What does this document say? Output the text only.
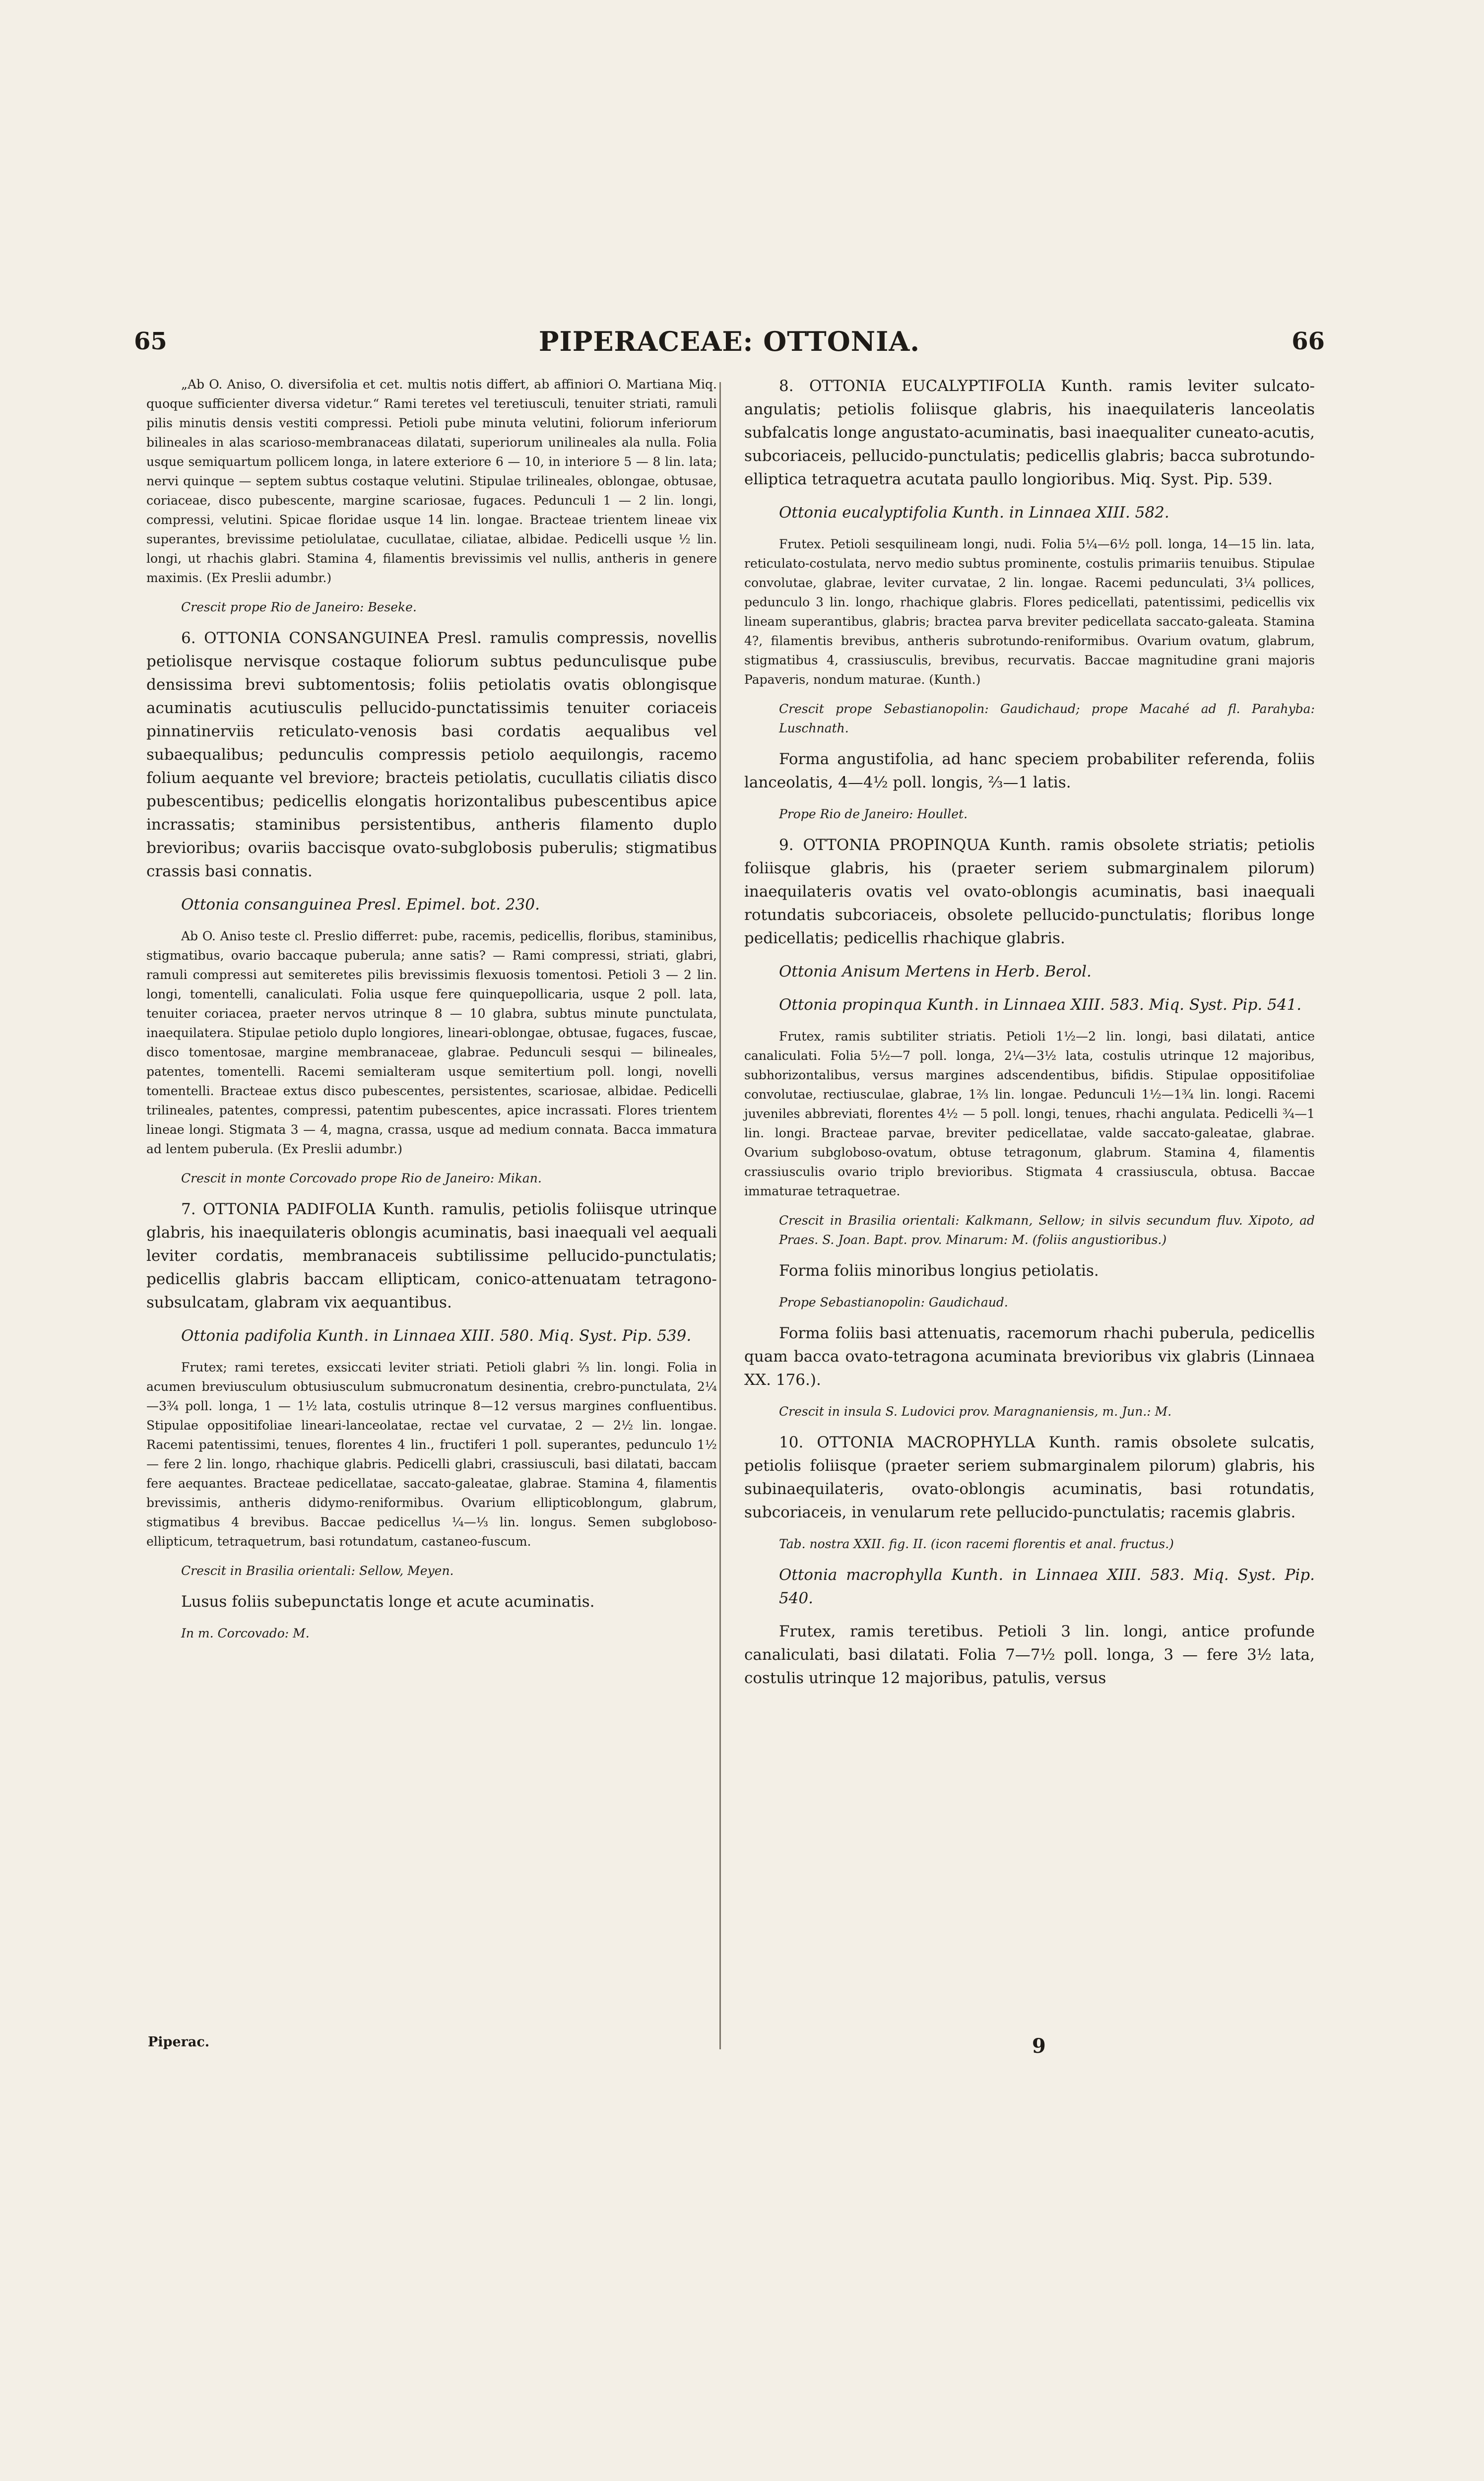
65	PIPERACEAE: OTTONIA.	66

„Ab O. Aniso, O. diversifolia et cet. multis notis differt, ab affiniori O. Martiana Miq. quoque sufficienter diversa videtur.“ Rami teretes vel teretiusculi, tenuiter striati, ramuli pilis minutis densis vestiti compressi. Petioli pube minuta velutini, foliorum inferiorum bilineales in alas scarioso-membranaceas dilatati, superiorum unilineales ala nulla. Folia usque semiquartum pollicem longa, in latere exteriore 6 — 10, in interiore 5 — 8 lin. lata; nervi quinque — septem subtus costaque velutini. Stipulae trilineales, oblongae, obtusae, coriaceae, disco pubescente, margine scariosae, fugaces. Pedunculi 1 — 2 lin. longi, compressi, velutini. Spicae floridae usque 14 lin. longae. Bracteae trientem lineae vix superantes, brevissime petiolulatae, cucullatae, ciliatae, albidae. Pedicelli usque ½ lin. longi, ut rhachis glabri. Stamina 4, filamentis brevissimis vel nullis, antheris in genere maximis. (Ex Preslii adumbr.)

Crescit prope Rio de Janeiro: Beseke.

6. OTTONIA CONSANGUINEA Presl. ramulis compressis, novellis petiolisque nervisque costaque foliorum subtus pedunculisque pube densissima brevi subtomentosis; foliis petiolatis ovatis oblongisque acuminatis acutiusculis pellucido-punctatissimis tenuiter coriaceis pinnatinerviis reticulato-venosis basi cordatis aequalibus vel subaequalibus; pedunculis compressis petiolo aequilongis, racemo folium aequante vel breviore; bracteis petiolatis, cucullatis ciliatis disco pubescentibus; pedicellis elongatis horizontalibus pubescentibus apice incrassatis; staminibus persistentibus, antheris filamento duplo brevioribus; ovariis baccisque ovato-subglobosis puberulis; stigmatibus crassis basi connatis.

Ottonia consanguinea Presl. Epimel. bot. 230.

Ab O. Aniso teste cl. Preslio differret: pube, racemis, pedicellis, floribus, staminibus, stigmatibus, ovario baccaque puberula; anne satis? — Rami compressi, striati, glabri, ramuli compressi aut semiteretes pilis brevissimis flexuosis tomentosi. Petioli 3 — 2 lin. longi, tomentelli, canaliculati. Folia usque fere quinquepollicaria, usque 2 poll. lata, tenuiter coriacea, praeter nervos utrinque 8 — 10 glabra, subtus minute punctulata, inaequilatera. Stipulae petiolo duplo longiores, lineari-oblongae, obtusae, fugaces, fuscae, disco tomentosae, margine membranaceae, glabrae. Pedunculi sesqui — bilineales, patentes, tomentelli. Racemi semialteram usque semitertium poll. longi, novelli tomentelli. Bracteae extus disco pubescentes, persistentes, scariosae, albidae. Pedicelli trilineales, patentes, compressi, patentim pubescentes, apice incrassati. Flores trientem lineae longi. Stigmata 3 — 4, magna, crassa, usque ad medium connata. Bacca immatura ad lentem puberula. (Ex Preslii adumbr.)

Crescit in monte Corcovado prope Rio de Janeiro: Mikan.

7. OTTONIA PADIFOLIA Kunth. ramulis, petiolis foliisque utrinque glabris, his inaequilateris oblongis acuminatis, basi inaequali vel aequali leviter cordatis, membranaceis subtilissime pellucido-punctulatis; pedicellis glabris baccam ellipticam, conico-attenuatam tetragono-subsulcatam, glabram vix aequantibus.

Ottonia padifolia Kunth. in Linnaea XIII. 580. Miq. Syst. Pip. 539.

Frutex; rami teretes, exsiccati leviter striati. Petioli glabri ⅔ lin. longi. Folia in acumen breviusculum obtusiusculum submucronatum desinentia, crebro-punctulata, 2¼—3¾ poll. longa, 1 — 1½ lata, costulis utrinque 8—12 versus margines confluentibus. Stipulae oppositifoliae lineari-lanceolatae, rectae vel curvatae, 2 — 2½ lin. longae. Racemi patentissimi, tenues, florentes 4 lin., fructiferi 1 poll. superantes, pedunculo 1½ — fere 2 lin. longo, rhachique glabris. Pedicelli glabri, crassiusculi, basi dilatati, baccam fere aequantes. Bracteae pedicellatae, saccato-galeatae, glabrae. Stamina 4, filamentis brevissimis, antheris didymo-reniformibus. Ovarium ellipticoblongum, glabrum, stigmatibus 4 brevibus. Baccae pedicellus ¼—⅓ lin. longus. Semen subgloboso-ellipticum, tetraquetrum, basi rotundatum, castaneo-fuscum.

Crescit in Brasilia orientali: Sellow, Meyen.

Lusus foliis subepunctatis longe et acute acuminatis.

In m. Corcovado: M.

8. OTTONIA EUCALYPTIFOLIA Kunth. ramis leviter sulcato-angulatis; petiolis foliisque glabris, his inaequilateris lanceolatis subfalcatis longe angustato-acuminatis, basi inaequaliter cuneato-acutis, subcoriaceis, pellucido-punctulatis; pedicellis glabris; bacca subrotundo-elliptica tetraquetra acutata paullo longioribus. Miq. Syst. Pip. 539.

Ottonia eucalyptifolia Kunth. in Linnaea XIII. 582.

Frutex. Petioli sesquilineam longi, nudi. Folia 5¼—6½ poll. longa, 14—15 lin. lata, reticulato-costulata, nervo medio subtus prominente, costulis primariis tenuibus. Stipulae convolutae, glabrae, leviter curvatae, 2 lin. longae. Racemi pedunculati, 3¼ pollices, pedunculo 3 lin. longo, rhachique glabris. Flores pedicellati, patentissimi, pedicellis vix lineam superantibus, glabris; bractea parva breviter pedicellata saccato-galeata. Stamina 4?, filamentis brevibus, antheris subrotundo-reniformibus. Ovarium ovatum, glabrum, stigmatibus 4, crassiusculis, brevibus, recurvatis. Baccae magnitudine grani majoris Papaveris, nondum maturae. (Kunth.)

Crescit prope Sebastianopolin: Gaudichaud; prope Macahé ad fl. Parahyba: Luschnath.

Forma angustifolia, ad hanc speciem probabiliter referenda, foliis lanceolatis, 4—4½ poll. longis, ⅔—1 latis.

Prope Rio de Janeiro: Houllet.

9. OTTONIA PROPINQUA Kunth. ramis obsolete striatis; petiolis foliisque glabris, his (praeter seriem submarginalem pilorum) inaequilateris ovatis vel ovato-oblongis acuminatis, basi inaequali rotundatis subcoriaceis, obsolete pellucido-punctulatis; floribus longe pedicellatis; pedicellis rhachique glabris.

Ottonia Anisum Mertens in Herb. Berol.

Ottonia propinqua Kunth. in Linnaea XIII. 583. Miq. Syst. Pip. 541.

Frutex, ramis subtiliter striatis. Petioli 1½—2 lin. longi, basi dilatati, antice canaliculati. Folia 5½—7 poll. longa, 2¼—3½ lata, costulis utrinque 12 majoribus, subhorizontalibus, versus margines adscendentibus, bifidis. Stipulae oppositifoliae convolutae, rectiusculae, glabrae, 1⅔ lin. longae. Pedunculi 1½—1¾ lin. longi. Racemi juveniles abbreviati, florentes 4½ — 5 poll. longi, tenues, rhachi angulata. Pedicelli ¾—1 lin. longi. Bracteae parvae, breviter pedicellatae, valde saccato-galeatae, glabrae. Ovarium subgloboso-ovatum, obtuse tetragonum, glabrum. Stamina 4, filamentis crassiusculis ovario triplo brevioribus. Stigmata 4 crassiuscula, obtusa. Baccae immaturae tetraquetrae.

Crescit in Brasilia orientali: Kalkmann, Sellow; in silvis secundum fluv. Xipoto, ad Praes. S. Joan. Bapt. prov. Minarum: M. (foliis angustioribus.)

Forma foliis minoribus longius petiolatis.

Prope Sebastianopolin: Gaudichaud.

Forma foliis basi attenuatis, racemorum rhachi puberula, pedicellis quam bacca ovato-tetragona acuminata brevioribus vix glabris (Linnaea XX. 176.).

Crescit in insula S. Ludovici prov. Maragnaniensis, m. Jun.: M.

10. OTTONIA MACROPHYLLA Kunth. ramis obsolete sulcatis, petiolis foliisque (praeter seriem submarginalem pilorum) glabris, his subinaequilateris, ovato-oblongis acuminatis, basi rotundatis, subcoriaceis, in venularum rete pellucido-punctulatis; racemis glabris.

Tab. nostra XXII. fig. II. (icon racemi florentis et anal. fructus.)

Ottonia macrophylla Kunth. in Linnaea XIII. 583. Miq. Syst. Pip. 540.

Frutex, ramis teretibus. Petioli 3 lin. longi, antice profunde canaliculati, basi dilatati. Folia 7—7½ poll. longa, 3 — fere 3½ lata, costulis utrinque 12 majoribus, patulis, versus

Piperac.	9
